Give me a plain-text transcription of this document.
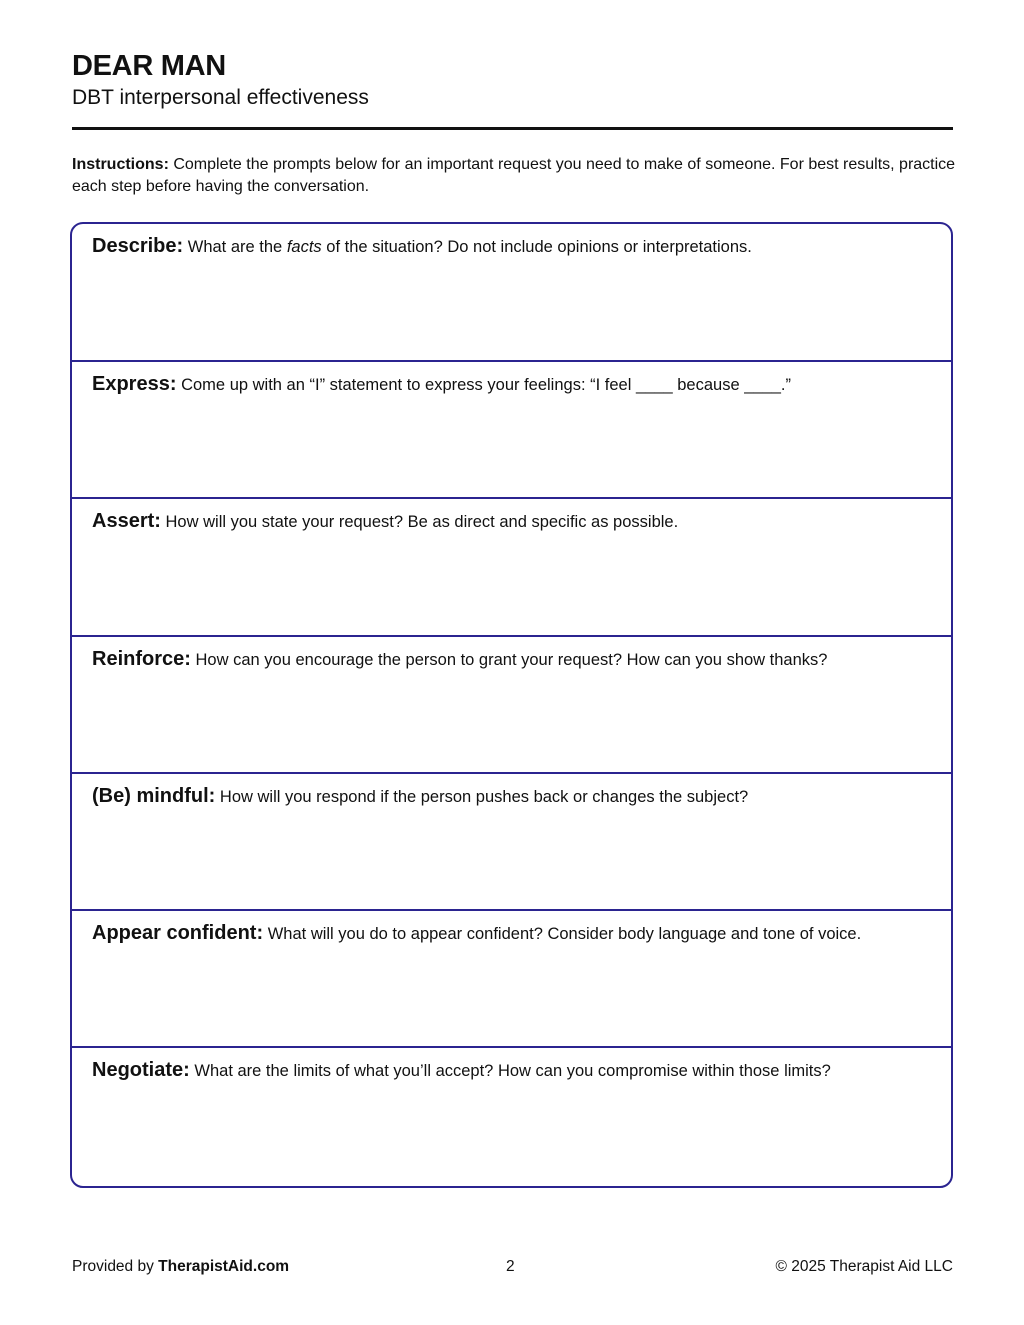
DEAR MAN
DBT interpersonal effectiveness
Instructions: Complete the prompts below for an important request you need to make of someone. For best results, practice each step before having the conversation.
Describe: What are the facts of the situation? Do not include opinions or interpretations.
Express: Come up with an “I” statement to express your feelings: “I feel ____ because ____.”
Assert: How will you state your request? Be as direct and specific as possible.
Reinforce: How can you encourage the person to grant your request? How can you show thanks?
(Be) mindful: How will you respond if the person pushes back or changes the subject?
Appear confident: What will you do to appear confident? Consider body language and tone of voice.
Negotiate: What are the limits of what you’ll accept? How can you compromise within those limits?
Provided by TherapistAid.com	2	© 2025 Therapist Aid LLC
